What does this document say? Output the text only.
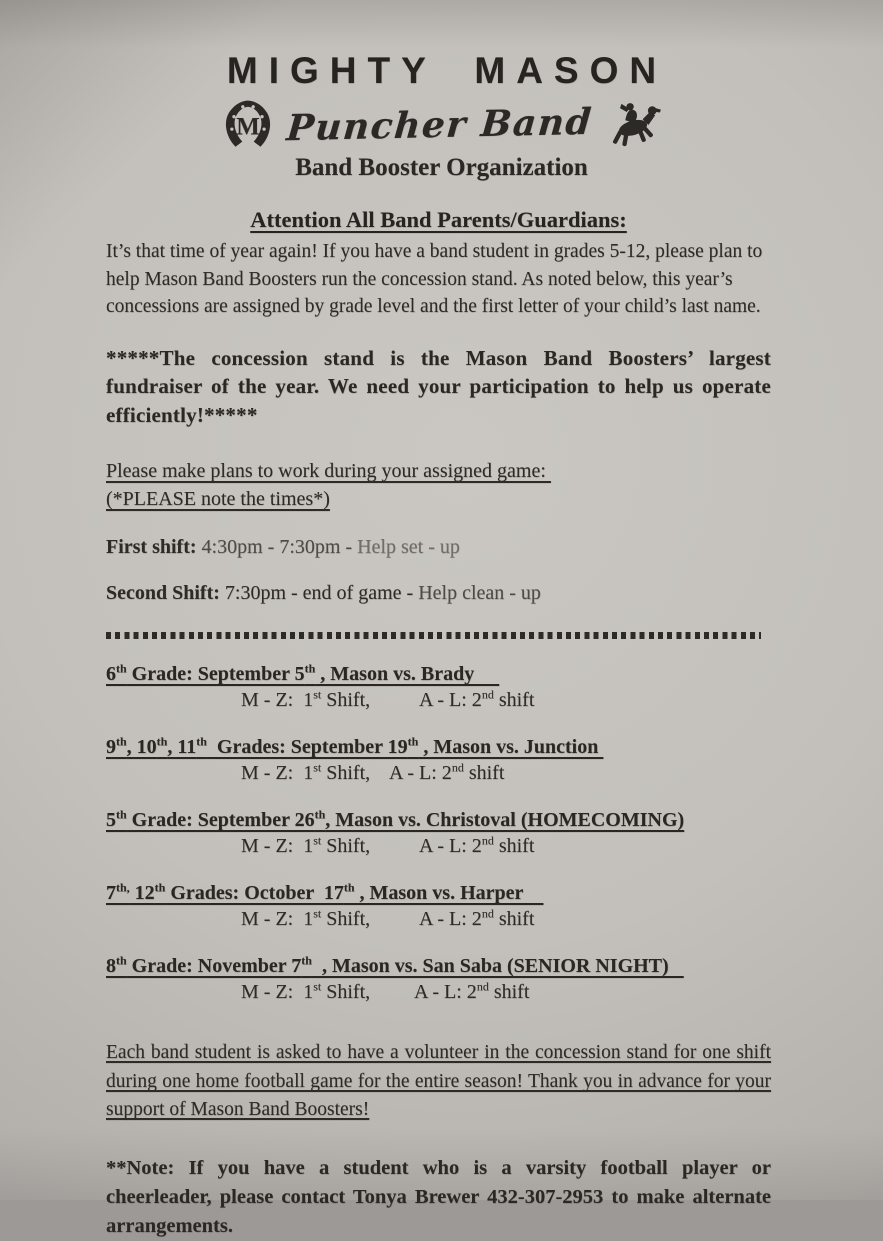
MIGHTY MASON
M Puncher Band
Band Booster Organization
Attention All Band Parents/Guardians:

It’s that time of year again! If you have a band student in grades 5-12, please plan to help Mason Band Boosters run the concession stand. As noted below, this year’s concessions are assigned by grade level and the first letter of your child’s last name.

*****The concession stand is the Mason Band Boosters’ largest fundraiser of the year. We need your participation to help us operate efficiently!*****

Please make plans to work during your assigned game:
(*PLEASE note the times*)

First shift: 4:30pm - 7:30pm - Help set - up

Second Shift: 7:30pm - end of game - Help clean - up

6th Grade: September 5th , Mason vs. Brady
M - Z:  1st Shift,          A - L: 2nd shift
9th, 10th, 11th  Grades: September 19th , Mason vs. Junction
M - Z:  1st Shift,    A - L: 2nd shift
5th Grade: September 26th, Mason vs. Christoval (HOMECOMING)
M - Z:  1st Shift,          A - L: 2nd shift
$7^{th,}$ 12th Grades: October  17th , Mason vs. Harper
M - Z:  1st Shift,          A - L: 2nd shift
8th Grade: November 7th  , Mason vs. San Saba (SENIOR NIGHT)
M - Z:  1st Shift,         A - L: 2nd shift

Each band student is asked to have a volunteer in the concession stand for one shift during one home football game for the entire season! Thank you in advance for your support of Mason Band Boosters!

**Note: If you have a student who is a varsity football player or cheerleader, please contact Tonya Brewer 432-307-2953 to make alternate arrangements.
